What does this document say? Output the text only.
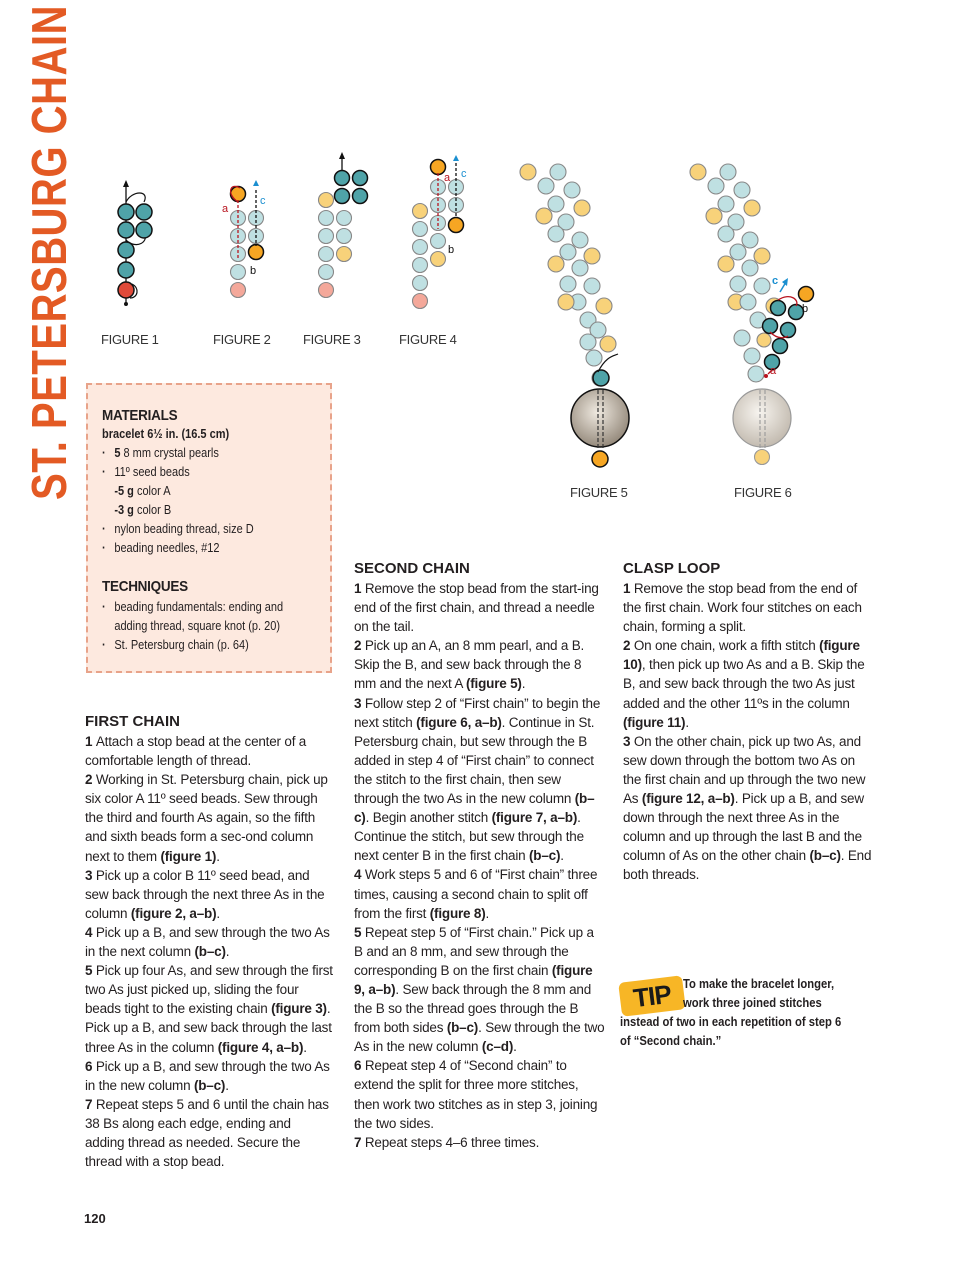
ST. PETERSBURG CHAIN FIGURE 1
a
c
b
FIGURE 2 FIGURE 3
a c
b
FIGURE 4
FIGURE 5
c
b
a
FIGURE 6
MATERIALS
bracelet 6½ in. (16.5 cm)
· 5 8 mm crystal pearls
· 11º seed beads
-5 g color A
-3 g color B
· nylon beading thread, size D
· beading needles, #12
TECHNIQUES
· beading fundamentals: ending and
adding thread, square knot (p. 20)
· St. Petersburg chain (p. 64)
FIRST CHAIN

1 Attach a stop bead at the center of a comfortable length of thread.

2 Working in St. Petersburg chain, pick up six color A 11º seed beads. Sew through the third and fourth As again, so the fifth and sixth beads form a sec-ond column next to them (figure 1).

3 Pick up a color B 11º seed bead, and sew back through the next three As in the column (figure 2, a–b).

4 Pick up a B, and sew through the two As in the next column (b–c).

5 Pick up four As, and sew through the first two As just picked up, sliding the four beads tight to the existing chain (figure 3). Pick up a B, and sew back through the last three As in the column (figure 4, a–b).

6 Pick up a B, and sew through the two As in the new column (b–c).

7 Repeat steps 5 and 6 until the chain has 38 Bs along each edge, ending and adding thread as needed. Secure the thread with a stop bead.

SECOND CHAIN

1 Remove the stop bead from the start-ing end of the first chain, and thread a needle on the tail.

2 Pick up an A, an 8 mm pearl, and a B. Skip the B, and sew back through the 8 mm and the next A (figure 5).

3 Follow step 2 of “First chain” to begin the next stitch (figure 6, a–b). Continue in St. Petersburg chain, but sew through the B added in step 4 of “First chain” to connect the stitch to the first chain, then sew through the two As in the new column (b–c). Begin another stitch (figure 7, a–b). Continue the stitch, but sew through the next center B in the first chain (b–c).

4 Work steps 5 and 6 of “First chain” three times, causing a second chain to split off from the first (figure 8).

5 Repeat step 5 of “First chain.” Pick up a B and an 8 mm, and sew through the corresponding B on the first chain (figure 9, a–b). Sew back through the 8 mm and the B so the thread goes through the B from both sides (b–c). Sew through the two As in the new column (c–d).

6 Repeat step 4 of “Second chain” to extend the split for three more stitches, then work two stitches as in step 3, joining the two sides.

7 Repeat steps 4–6 three times.

CLASP LOOP

1 Remove the stop bead from the end of the first chain. Work four stitches on each chain, forming a split.

2 On one chain, work a fifth stitch (figure 10), then pick up two As and a B. Skip the B, and sew back through the two As just added and the other 11ºs in the column (figure 11).

3 On the other chain, pick up two As, and sew down through the bottom two As on the first chain and up through the two new As (figure 12, a–b). Pick up a B, and sew down through the next three As in the column and up through the last B and the column of As on the other chain (b–c). End both threads.

TIP To make the bracelet longer,
work three joined stitches
instead of two in each repetition of step 6
of “Second chain.”
120
